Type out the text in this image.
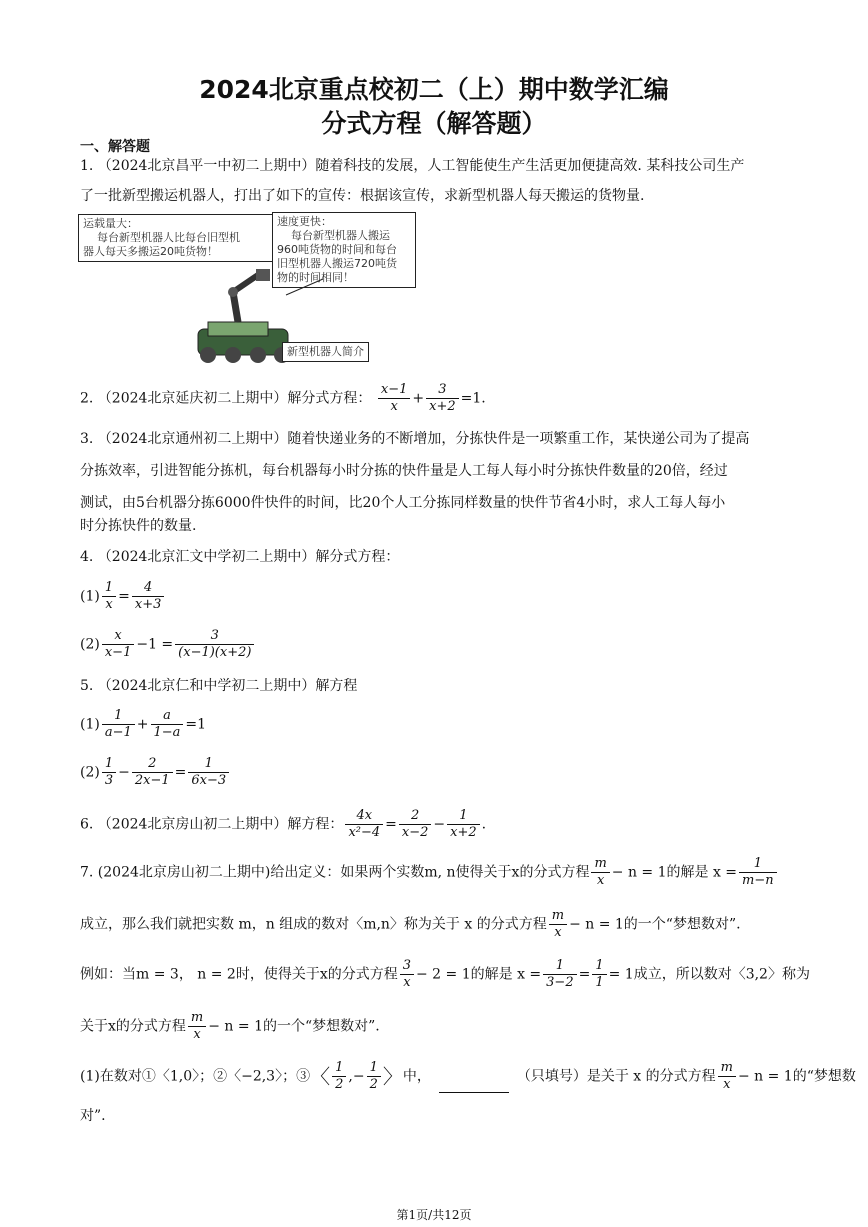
2024北京重点校初二（上）期中数学汇编
分式方程（解答题）
一、解答题
1. （2024北京昌平一中初二上期中）随着科技的发展，人工智能使生产生活更加便捷高效. 某科技公司生产
了一批新型搬运机器人，打出了如下的宣传：根据该宣传，求新型机器人每天搬运的货物量.
运载量大：
每台新型机器人比每台旧型机
器人每天多搬运20吨货物！
速度更快：
每台新型机器人搬运
960吨货物的时间和每台
旧型机器人搬运720吨货
物的时间相同！
新型机器人简介
2. （2024北京延庆初二上期中）解分式方程： $\frac{x-1}{x} + \frac{3}{x+2} =1$.
3. （2024北京通州初二上期中）随着快递业务的不断增加，分拣快件是一项繁重工作，某快递公司为了提高
分拣效率，引进智能分拣机，每台机器每小时分拣的快件量是人工每人每小时分拣快件数量的20倍，经过
测试，由5台机器分拣6000件快件的时间，比20个人工分拣同样数量的快件节省4小时，求人工每人每小
时分拣快件的数量.
4. （2024北京汇文中学初二上期中）解分式方程：
$(1) \frac{1}{x} = \frac{4}{x+3}$
$(2) \frac{x}{x-1} -1 = \frac{3}{(x-1)(x+2)}$
5. （2024北京仁和中学初二上期中）解方程
$(1) \frac{1}{a-1} + \frac{a}{1-a} =1$
$(2) \frac{1}{3} - \frac{2}{2x-1} = \frac{1}{6x-3}$
6. （2024北京房山初二上期中）解方程： $\frac{4x}{\text{x²−4}} = \frac{2}{x-2} - \frac{1}{x+2}$ .
7. (2024北京房山初二上期中)给出定义：如果两个实数m, n使得关于x的分式方程 $\frac{m}{x} - n = 1$的解是 $x = \frac{1}{m-n}$
成立，那么我们就把实数 m，n 组成的数对〈m,n〉称为关于 x 的分式方程 $\frac{m}{x} - n = 1$的一个“梦想数对”.
例如：当m = 3， n = 2时，使得关于x的分式方程 $\frac{3}{x} - 2 = 1$的解是 $x = \frac{1}{3-2} = \frac{1}{1} = 1$成立，所以数对〈3,2〉称为
关于x的分式方程 $\frac{m}{x} - n = 1$的一个“梦想数对”.
(1)在数对①〈1,0〉；②〈−2,3〉；③〈 $\frac{1}{2}$ ,− $\frac{1}{2}$ 〉中，	（只填号）是关于 x 的分式方程 $\frac{m}{x} - n = 1$的“梦想数
对”.
第1页/共12页
